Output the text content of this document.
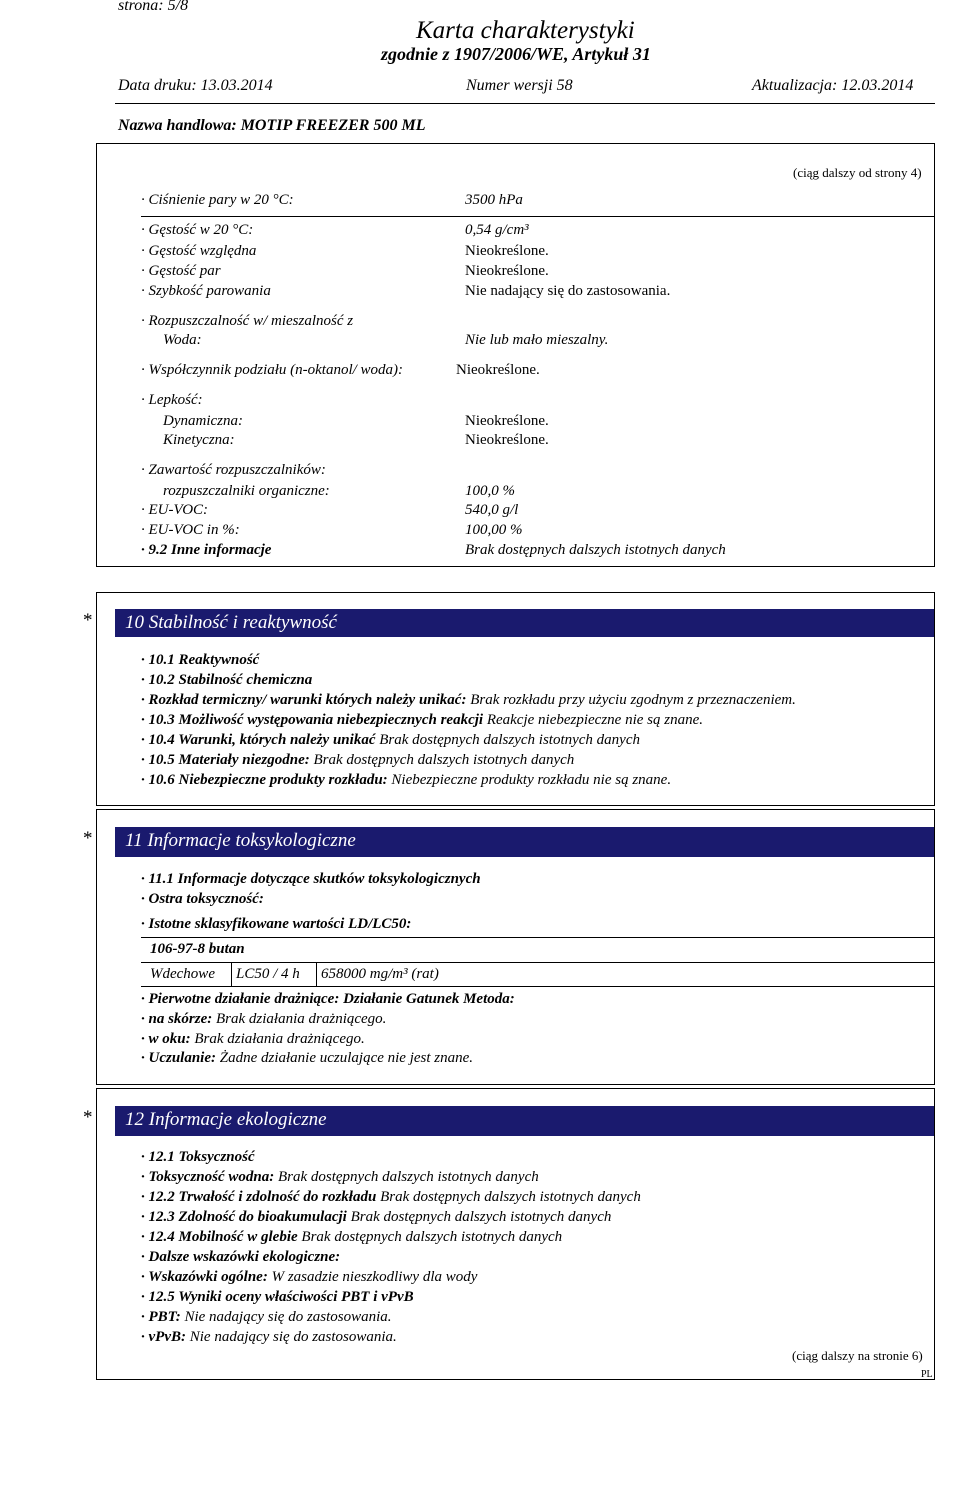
strona: 5/8
Karta charakterystyki
zgodnie z 1907/2006/WE, Artykuł 31
Data druku: 13.03.2014	Numer wersji 58	Aktualizacja: 12.03.2014
Nazwa handlowa: MOTIP FREEZER 500 ML
(ciąg dalszy od strony 4)
· Ciśnienie pary w 20 °C:	3500 hPa
· Gęstość w 20 °C:	0,54 g/cm³
· Gęstość względna	Nieokreślone.
· Gęstość par	Nieokreślone.
· Szybkość parowania	Nie nadający się do zastosowania.
· Rozpuszczalność w/ mieszalność z
Woda:	Nie lub mało mieszalny.
· Współczynnik podziału (n-oktanol/ woda):	Nieokreślone.
· Lepkość:
Dynamiczna:	Nieokreślone.
Kinetyczna:	Nieokreślone.
· Zawartość rozpuszczalników:
rozpuszczalniki organiczne:	100,0 %
· EU-VOC:	540,0 g/l
· EU-VOC in %:	100,00 %
· 9.2 Inne informacje	Brak dostępnych dalszych istotnych danych
* 10 Stabilność i reaktywność
· 10.1 Reaktywność
· 10.2 Stabilność chemiczna
· Rozkład termiczny/ warunki których należy unikać: Brak rozkładu przy użyciu zgodnym z przeznaczeniem.
· 10.3 Możliwość występowania niebezpiecznych reakcji Reakcje niebezpieczne nie są znane.
· 10.4 Warunki, których należy unikać Brak dostępnych dalszych istotnych danych
· 10.5 Materiały niezgodne: Brak dostępnych dalszych istotnych danych
· 10.6 Niebezpieczne produkty rozkładu: Niebezpieczne produkty rozkładu nie są znane.
* 11 Informacje toksykologiczne
· 11.1 Informacje dotyczące skutków toksykologicznych
· Ostra toksyczność:
· Istotne sklasyfikowane wartości LD/LC50:
106-97-8 butan
Wdechowe LC50 / 4 h 658000 mg/m³ (rat)
· Pierwotne działanie drażniące: Działanie Gatunek Metoda:
· na skórze: Brak działania drażniącego.
· w oku: Brak działania drażniącego.
· Uczulanie: Żadne działanie uczulające nie jest znane.
* 12 Informacje ekologiczne
· 12.1 Toksyczność
· Toksyczność wodna: Brak dostępnych dalszych istotnych danych
· 12.2 Trwałość i zdolność do rozkładu Brak dostępnych dalszych istotnych danych
· 12.3 Zdolność do bioakumulacji Brak dostępnych dalszych istotnych danych
· 12.4 Mobilność w glebie Brak dostępnych dalszych istotnych danych
· Dalsze wskazówki ekologiczne:
· Wskazówki ogólne: W zasadzie nieszkodliwy dla wody
· 12.5 Wyniki oceny właściwości PBT i vPvB
· PBT: Nie nadający się do zastosowania.
· vPvB: Nie nadający się do zastosowania.
(ciąg dalszy na stronie 6)
PL
